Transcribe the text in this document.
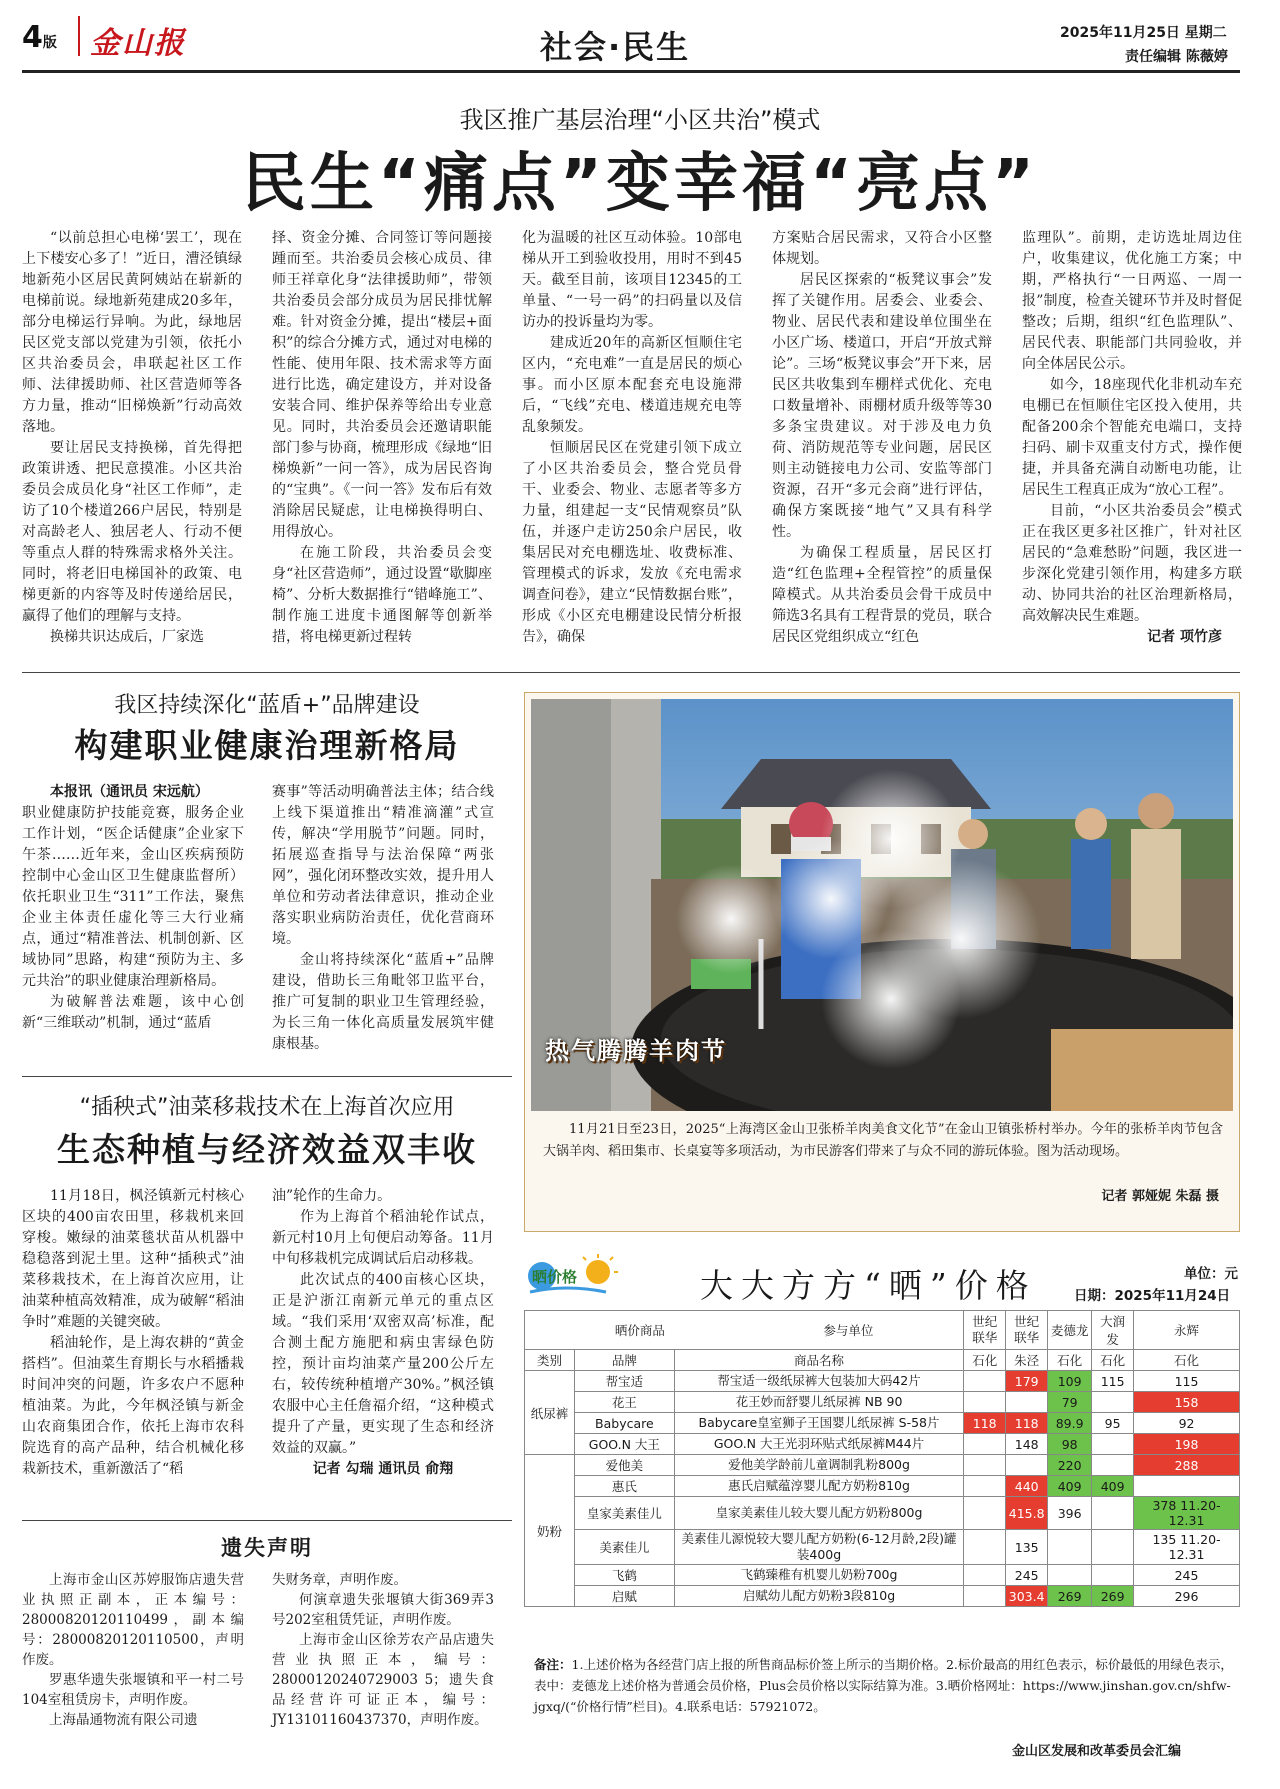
4版 金山报	社会·民生	2025年11月25日 星期二
责任编辑 陈薇婷
我区推广基层治理“小区共治”模式
民生“痛点”变幸福“亮点”

“以前总担心电梯‘罢工’，现在上下楼安心多了！”近日，漕泾镇绿地新苑小区居民黄阿姨站在崭新的电梯前说。绿地新苑建成20多年，部分电梯运行异响。为此，绿地居民区党支部以党建为引领，依托小区共治委员会，串联起社区工作师、法律援助师、社区营造师等各方力量，推动“旧梯焕新”行动高效落地。

要让居民支持换梯，首先得把政策讲透、把民意摸准。小区共治委员会成员化身“社区工作师”，走访了10个楼道266户居民，特别是对高龄老人、独居老人、行动不便等重点人群的特殊需求格外关注。同时，将老旧电梯国补的政策、电梯更新的内容等及时传递给居民，赢得了他们的理解与支持。

换梯共识达成后，厂家选

择、资金分摊、合同签订等问题接踵而至。共治委员会核心成员、律师王祥章化身“法律援助师”，带领共治委员会部分成员为居民排忧解难。针对资金分摊，提出“楼层+面积”的综合分摊方式，通过对电梯的性能、使用年限、技术需求等方面进行比选，确定建设方，并对设备安装合同、维护保养等给出专业意见。同时，共治委员会还邀请职能部门参与协商，梳理形成《绿地“旧梯焕新”一问一答》，成为居民咨询的“宝典”。《一问一答》发布后有效消除居民疑虑，让电梯换得明白、用得放心。

在施工阶段，共治委员会变身“社区营造师”，通过设置“歇脚座椅”、分析大数据推行“错峰施工”、制作施工进度卡通图解等创新举措，将电梯更新过程转

化为温暖的社区互动体验。10部电梯从开工到验收投用，用时不到45天。截至目前，该项目12345的工单量、“一号一码”的扫码量以及信访办的投诉量均为零。

建成近20年的高新区恒顺住宅区内，“充电难”一直是居民的烦心事。而小区原本配套充电设施滞后，“飞线”充电、楼道违规充电等乱象频发。

恒顺居民区在党建引领下成立了小区共治委员会，整合党员骨干、业委会、物业、志愿者等多方力量，组建起一支“民情观察员”队伍，并逐户走访250余户居民，收集居民对充电棚选址、收费标准、管理模式的诉求，发放《充电需求调查问卷》，建立“民情数据台账”，形成《小区充电棚建设民情分析报告》，确保

方案贴合居民需求，又符合小区整体规划。

居民区探索的“板凳议事会”发挥了关键作用。居委会、业委会、物业、居民代表和建设单位围坐在小区广场、楼道口，开启“开放式辩论”。三场“板凳议事会”开下来，居民区共收集到车棚样式优化、充电口数量增补、雨棚材质升级等等30多条宝贵建议。对于涉及电力负荷、消防规范等专业问题，居民区则主动链接电力公司、安监等部门资源，召开“多元会商”进行评估，确保方案既接“地气”又具有科学性。

为确保工程质量，居民区打造“红色监理+全程管控”的质量保障模式。从共治委员会骨干成员中筛选3名具有工程背景的党员，联合居民区党组织成立“红色

监理队”。前期，走访选址周边住户，收集建议，优化施工方案；中期，严格执行“一日两巡、一周一报”制度，检查关键环节并及时督促整改；后期，组织“红色监理队”、居民代表、职能部门共同验收，并向全体居民公示。

如今，18座现代化非机动车充电棚已在恒顺住宅区投入使用，共配备200余个智能充电端口，支持扫码、刷卡双重支付方式，操作便捷，并具备充满自动断电功能，让居民生工程真正成为“放心工程”。

目前，“小区共治委员会”模式正在我区更多社区推广，针对社区居民的“急难愁盼”问题，我区进一步深化党建引领作用，构建多方联动、协同共治的社区治理新格局，高效解决民生难题。

记者 项竹彦
我区持续深化“蓝盾+”品牌建设
构建职业健康治理新格局

本报讯（通讯员 宋远航）

职业健康防护技能竞赛，服务企业工作计划，“医企话健康”企业家下午茶……近年来，金山区疾病预防控制中心金山区卫生健康监督所）依托职业卫生“311”工作法，聚焦企业主体责任虚化等三大行业痛点，通过“精准普法、机制创新、区域协同”思路，构建“预防为主、多元共治”的职业健康治理新格局。

为破解普法难题，该中心创新“三维联动”机制，通过“蓝盾

赛事”等活动明确普法主体；结合线上线下渠道推出“精准滴灌”式宣传，解决“学用脱节”问题。同时，拓展巡查指导与法治保障“两张网”，强化闭环整改实效，提升用人单位和劳动者法律意识，推动企业落实职业病防治责任，优化营商环境。

金山将持续深化“蓝盾+”品牌建设，借助长三角毗邻卫监平台，推广可复制的职业卫生管理经验，为长三角一体化高质量发展筑牢健康根基。

“插秧式”油菜移栽技术在上海首次应用
生态种植与经济效益双丰收

11月18日，枫泾镇新元村核心区块的400亩农田里，移栽机来回穿梭。嫩绿的油菜毯状苗从机器中稳稳落到泥土里。这种“插秧式”油菜移栽技术，在上海首次应用，让油菜种植高效精准，成为破解“稻油争时”难题的关键突破。

稻油轮作，是上海农耕的“黄金搭档”。但油菜生育期长与水稻播栽时间冲突的问题，许多农户不愿种植油菜。为此，今年枫泾镇与新金山农商集团合作，依托上海市农科院选育的高产品种，结合机械化移栽新技术，重新激活了“稻

油”轮作的生命力。

作为上海首个稻油轮作试点，新元村10月上旬便启动筹备。11月中旬移栽机完成调试后启动移栽。

此次试点的400亩核心区块，正是沪浙江南新元单元的重点区域。“我们采用‘双密双高’标准，配合测土配方施肥和病虫害绿色防控，预计亩均油菜产量200公斤左右，较传统种植增产30%。”枫泾镇农服中心主任詹福介绍，“这种模式提升了产量，更实现了生态和经济效益的双赢。”

记者 勾瑞 通讯员 俞翔
遗失声明

上海市金山区苏婷服饰店遗失营业执照正副本，正本编号：28000820120110499，副本编号：28000820120110500，声明作废。

罗惠华遗失张堰镇和平一村二号104室租赁房卡，声明作废。

上海晶通物流有限公司遗

失财务章，声明作废。

何演章遗失张堰镇大街369弄3号202室租赁凭证，声明作废。

上海市金山区徐芳农产品店遗失营业执照正本，编号：28000120240729003 5；遗失食品经营许可证正本，编号：JY13101160437370，声明作废。

热气腾腾羊肉节
11月21日至23日，2025“上海湾区金山卫张桥羊肉美食文化节”在金山卫镇张桥村举办。今年的张桥羊肉节包含大锅羊肉、稻田集市、长桌宴等多项活动，为市民游客们带来了与众不同的游玩体验。图为活动现场。
记者 郭娅妮 朱磊 摄
晒价格	大大方方“晒”价格	单位：元
日期：2025年11月24日
晒价商品 参与单位			世纪联华	世纪联华	麦德龙	大润发	永辉
类别	品牌	商品名称	石化	朱泾	石化	石化	石化
纸尿裤	帮宝适	帮宝适一级纸尿裤大包装加大码42片		179	109	115	115
	花王	花王妙而舒婴儿纸尿裤 NB 90			79		158
	Babycare	Babycare皇室狮子王国婴儿纸尿裤 S-58片	118	118	89.9	95	92
	GOO.N 大王	GOO.N 大王光羽环贴式纸尿裤M44片		148	98		198
奶粉	爱他美	爱他美学龄前儿童调制乳粉800g			220		288
	惠氏	惠氏启赋蕴淳婴儿配方奶粉810g		440	409	409	
	皇家美素佳儿	皇家美素佳儿较大婴儿配方奶粉800g		415.8	396		378 11.20-12.31
	美素佳儿	美素佳儿源悦较大婴儿配方奶粉(6-12月龄,2段)罐装400g		135			135 11.20-12.31
	飞鹤	飞鹤臻稚有机婴儿奶粉700g		245			245
	启赋	启赋幼儿配方奶粉3段810g		303.4	269	269	296
备注：1.上述价格为各经营门店上报的所售商品标价签上所示的当期价格。2.标价最高的用红色表示，标价最低的用绿色表示，表中：麦德龙上述价格为普通会员价格，Plus会员价格以实际结算为准。3.晒价格网址：https://www.jinshan.gov.cn/shfw-jgxq/(“价格行情”栏目)。4.联系电话：57921072。
金山区发展和改革委员会汇编
